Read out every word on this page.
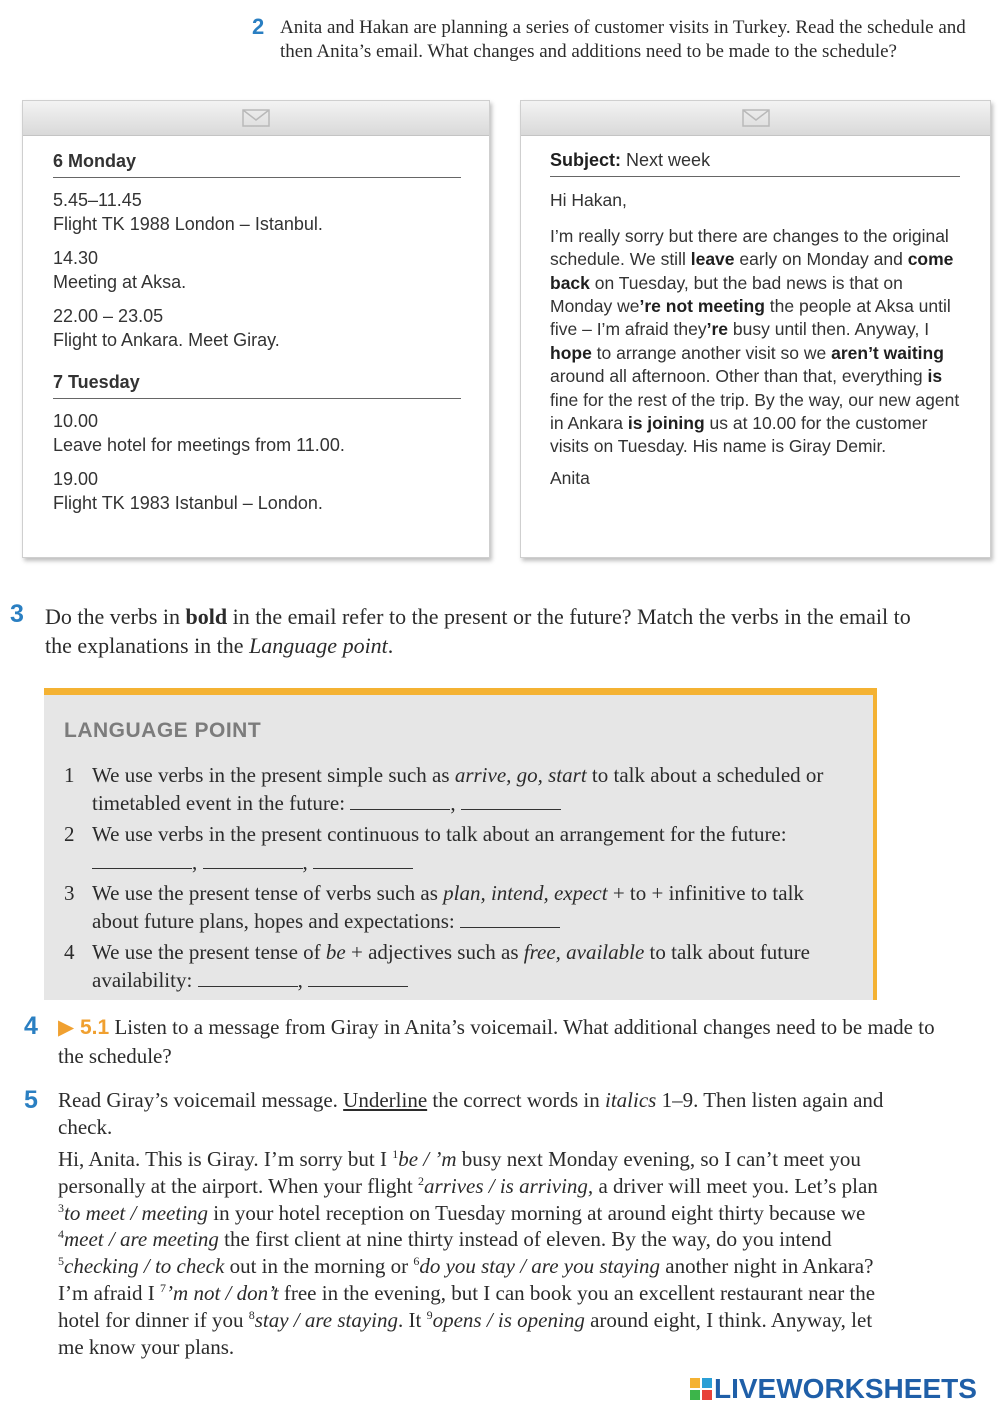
2 Anita and Hakan are planning a series of customer visits in Turkey. Read the schedule and then Anita’s email. What changes and additions need to be made to the schedule?
6 Monday
5.45–11.45
Flight TK 1988 London – Istanbul.
14.30
Meeting at Aksa.
22.00 – 23.05
Flight to Ankara. Meet Giray.
7 Tuesday
10.00
Leave hotel for meetings from 11.00.
19.00
Flight TK 1983 Istanbul – London.
Subject: Next week
Hi Hakan,
I’m really sorry but there are changes to the original schedule. We still leave early on Monday and come back on Tuesday, but the bad news is that on Monday we’re not meeting the people at Aksa until five – I’m afraid they’re busy until then. Anyway, I hope to arrange another visit so we aren’t waiting around all afternoon. Other than that, everything is fine for the rest of the trip. By the way, our new agent in Ankara is joining us at 10.00 for the customer visits on Tuesday. His name is Giray Demir.
Anita
3 Do the verbs in bold in the email refer to the present or the future? Match the verbs in the email to the explanations in the Language point.
LANGUAGE POINT
1 We use verbs in the present simple such as arrive, go, start to talk about a scheduled or timetabled event in the future:	,
2 We use verbs in the present continuous to talk about an arrangement for the future: ,	,
3 We use the present tense of verbs such as plan, intend, expect + to + infinitive to talk about future plans, hopes and expectations:
4 We use the present tense of be + adjectives such as free, available to talk about future availability:	,
4 ▶ 5.1 Listen to a message from Giray in Anita’s voicemail. What additional changes need to be made to the schedule?
5 Read Giray’s voicemail message. Underline the correct words in italics 1–9. Then listen again and check.
Hi, Anita. This is Giray. I’m sorry but I $^1$be / ’m busy next Monday evening, so I can’t meet you personally at the airport. When your flight $^2$arrives / is arriving, a driver will meet you. Let’s plan $^3$to meet / meeting in your hotel reception on Tuesday morning at around eight thirty because we $^4$meet / are meeting the first client at nine thirty instead of eleven. By the way, do you intend $^5$checking / to check out in the morning or $^6$do you stay / are you staying another night in Ankara? I’m afraid I $^7$’m not / don’t free in the evening, but I can book you an excellent restaurant near the hotel for dinner if you $^8$stay / are staying. It $^9$opens / is opening around eight, I think. Anyway, let me know your plans.
LIVEWORKSHEETS
